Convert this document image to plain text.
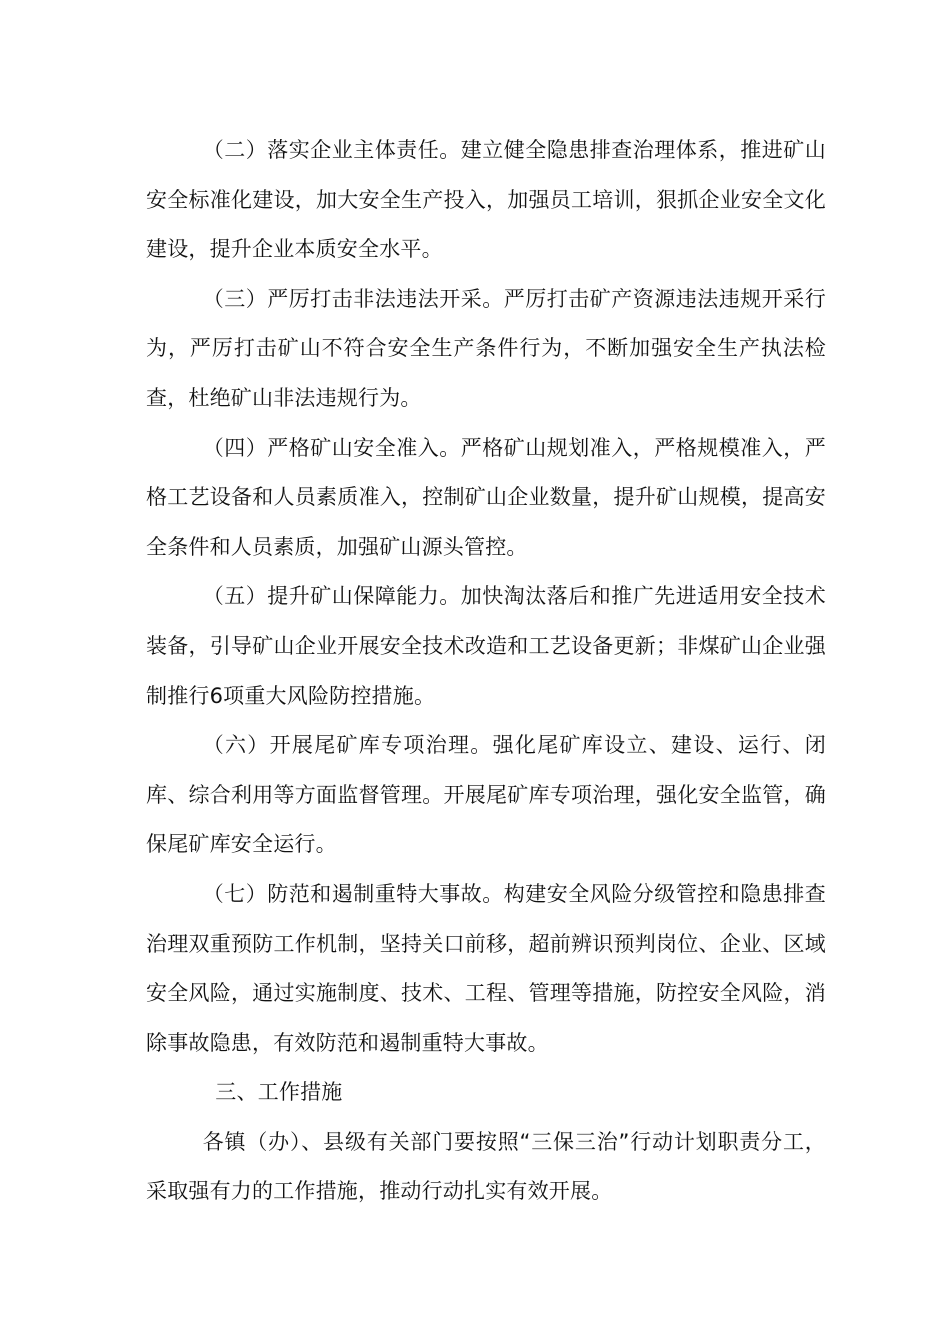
（二）落实企业主体责任。建立健全隐患排查治理体系，推进矿山安全标准化建设，加大安全生产投入，加强员工培训，狠抓企业安全文化建设，提升企业本质安全水平。

（三）严厉打击非法违法开采。严厉打击矿产资源违法违规开采行为，严厉打击矿山不符合安全生产条件行为，不断加强安全生产执法检查，杜绝矿山非法违规行为。

（四）严格矿山安全准入。严格矿山规划准入，严格规模准入，严格工艺设备和人员素质准入，控制矿山企业数量，提升矿山规模，提高安全条件和人员素质，加强矿山源头管控。

（五）提升矿山保障能力。加快淘汰落后和推广先进适用安全技术装备，引导矿山企业开展安全技术改造和工艺设备更新；非煤矿山企业强制推行6项重大风险防控措施。

（六）开展尾矿库专项治理。强化尾矿库设立、建设、运行、闭库、综合利用等方面监督管理。开展尾矿库专项治理，强化安全监管，确保尾矿库安全运行。

（七）防范和遏制重特大事故。构建安全风险分级管控和隐患排查治理双重预防工作机制，坚持关口前移，超前辨识预判岗位、企业、区域安全风险，通过实施制度、技术、工程、管理等措施，防控安全风险，消除事故隐患，有效防范和遏制重特大事故。

三、工作措施

各镇（办）、县级有关部门要按照“三保三治”行动计划职责分工，采取强有力的工作措施，推动行动扎实有效开展。
